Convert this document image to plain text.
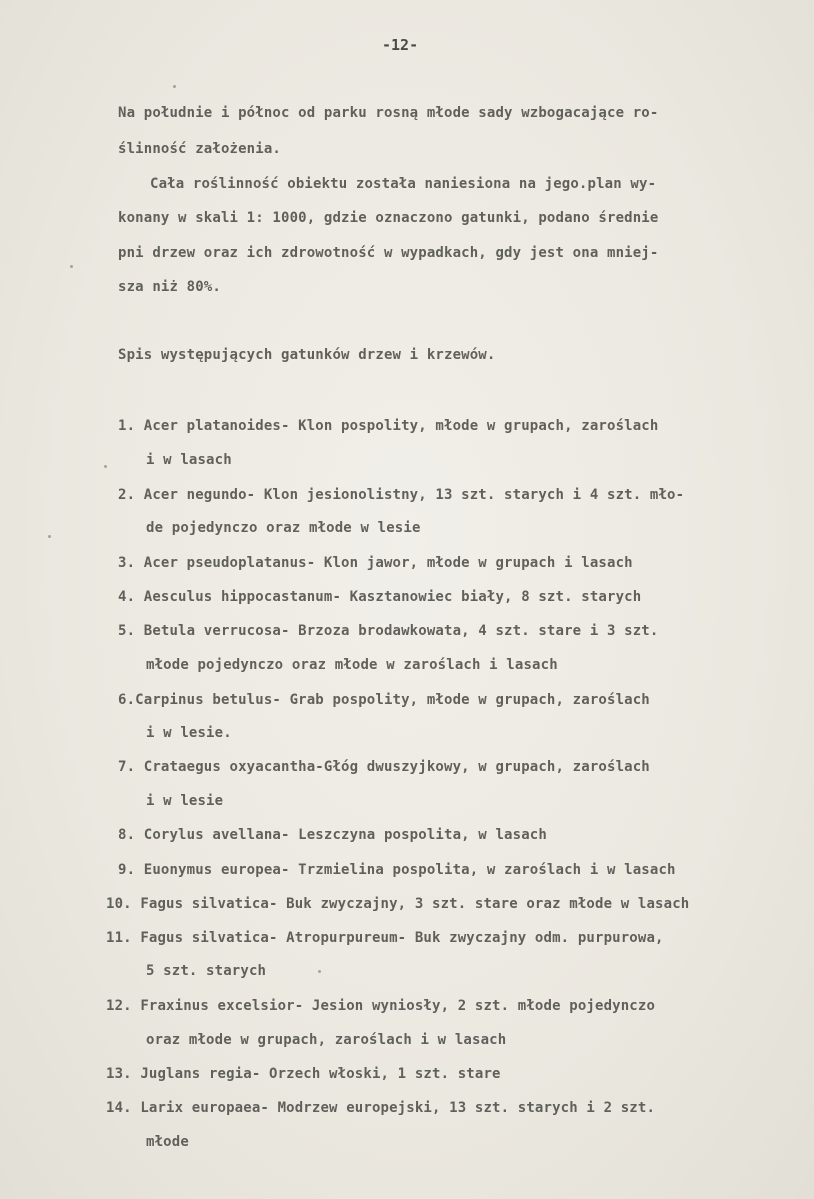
-12-
Na południe i północ od parku rosną młode sady wzbogacające ro-
ślinność założenia.
Cała roślinność obiektu została naniesiona na jego.plan wy-
konany w skali 1: 1000, gdzie oznaczono gatunki, podano średnie
pni drzew oraz ich zdrowotność w wypadkach, gdy jest ona mniej-
sza niż 80%.
Spis występujących gatunków drzew i krzewów.
1. Acer platanoides- Klon pospolity, młode w grupach, zaroślach
i w lasach
2. Acer negundo- Klon jesionolistny, 13 szt. starych i 4 szt. mło-
de pojedynczo oraz młode w lesie
3. Acer pseudoplatanus- Klon jawor, młode w grupach i lasach
4. Aesculus hippocastanum- Kasztanowiec biały, 8 szt. starych
5. Betula verrucosa- Brzoza brodawkowata, 4 szt. stare i 3 szt.
młode pojedynczo oraz młode w zaroślach i lasach
6.Carpinus betulus- Grab pospolity, młode w grupach, zaroślach
i w lesie.
7. Crataegus oxyacantha-Głóg dwuszyjkowy, w grupach, zaroślach
i w lesie
8. Corylus avellana- Leszczyna pospolita, w lasach
9. Euonymus europea- Trzmielina pospolita, w zaroślach i w lasach
10. Fagus silvatica- Buk zwyczajny, 3 szt. stare oraz młode w lasach
11. Fagus silvatica- Atropurpureum- Buk zwyczajny odm. purpurowa,
5 szt. starych
12. Fraxinus excelsior- Jesion wyniosły, 2 szt. młode pojedynczo
oraz młode w grupach, zaroślach i w lasach
13. Juglans regia- Orzech włoski, 1 szt. stare
14. Larix europaea- Modrzew europejski, 13 szt. starych i 2 szt.
młode
